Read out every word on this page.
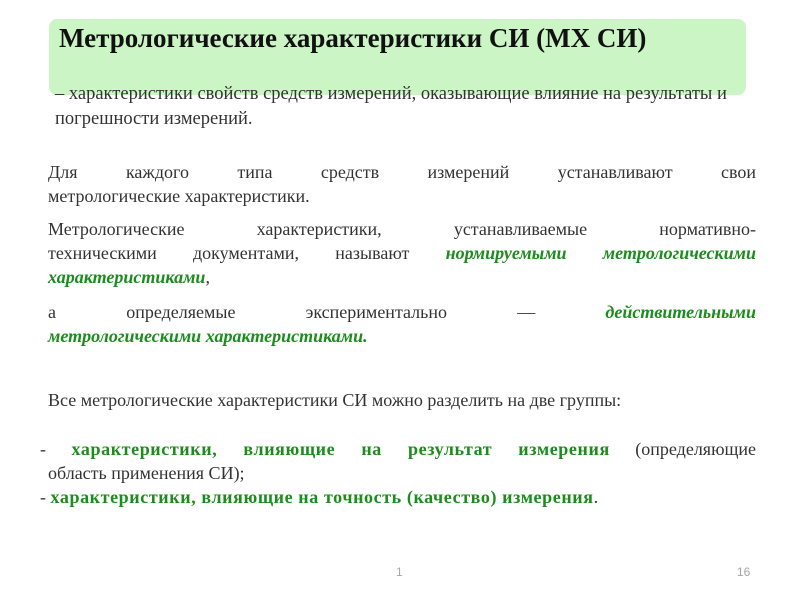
Метрологические характеристики СИ (МХ СИ)
– характеристики свойств средств измерений, оказывающие влияние на результаты и погрешности измерений.
Для каждого типа средств измерений устанавливают свои
метрологические характеристики.
Метрологические характеристики, устанавливаемые нормативно-
техническими документами, называют нормируемыми метрологическими
характеристиками,
а определяемые экспериментально — действительными
метрологическими характеристиками.
Все метрологические характеристики СИ можно разделить на две группы:
- характеристики, влияющие на результат измерения (определяющие
область применения СИ);
- характеристики, влияющие на точность (качество) измерения.
1	16
